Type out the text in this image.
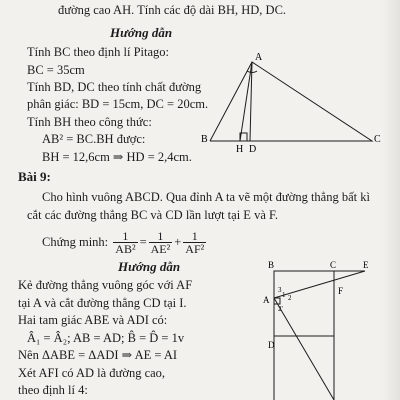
đường cao AH. Tính các độ dài BH, HD, DC.
Hướng dẫn
Tính BC theo định lí Pitago:
BC = 35cm
Tính BD, DC theo tính chất đường
phân giác: BD = 15cm, DC = 20cm.
Tính BH theo công thức:
AB² = BC.BH được:
BH = 12,6cm ⇒ HD = 2,4cm.
A
B
H D
C
B	C	E
F
A
D
1 2
3
2'
Bài 9:
Cho hình vuông ABCD. Qua đỉnh A ta vẽ một đường thẳng bất kì
cắt các đường thẳng BC và CD lần lượt tại E và F.
Chứng minh:
$\frac{1}{\text{AB²}} = \frac{1}{\text{AE²}} + \frac{1}{\text{AF²}}$
Hướng dẫn
Kẻ đường thẳng vuông góc với AF
tại A và cắt đường thẳng CD tại I.
Hai tam giác ABE và ADI có:
Â₁ = Â₂; AB = AD; B̂ = D̂ = 1v
Nên ΔABE = ΔADI ⇒ AE = AI
Xét AFI có AD là đường cao,
theo định lí 4:
